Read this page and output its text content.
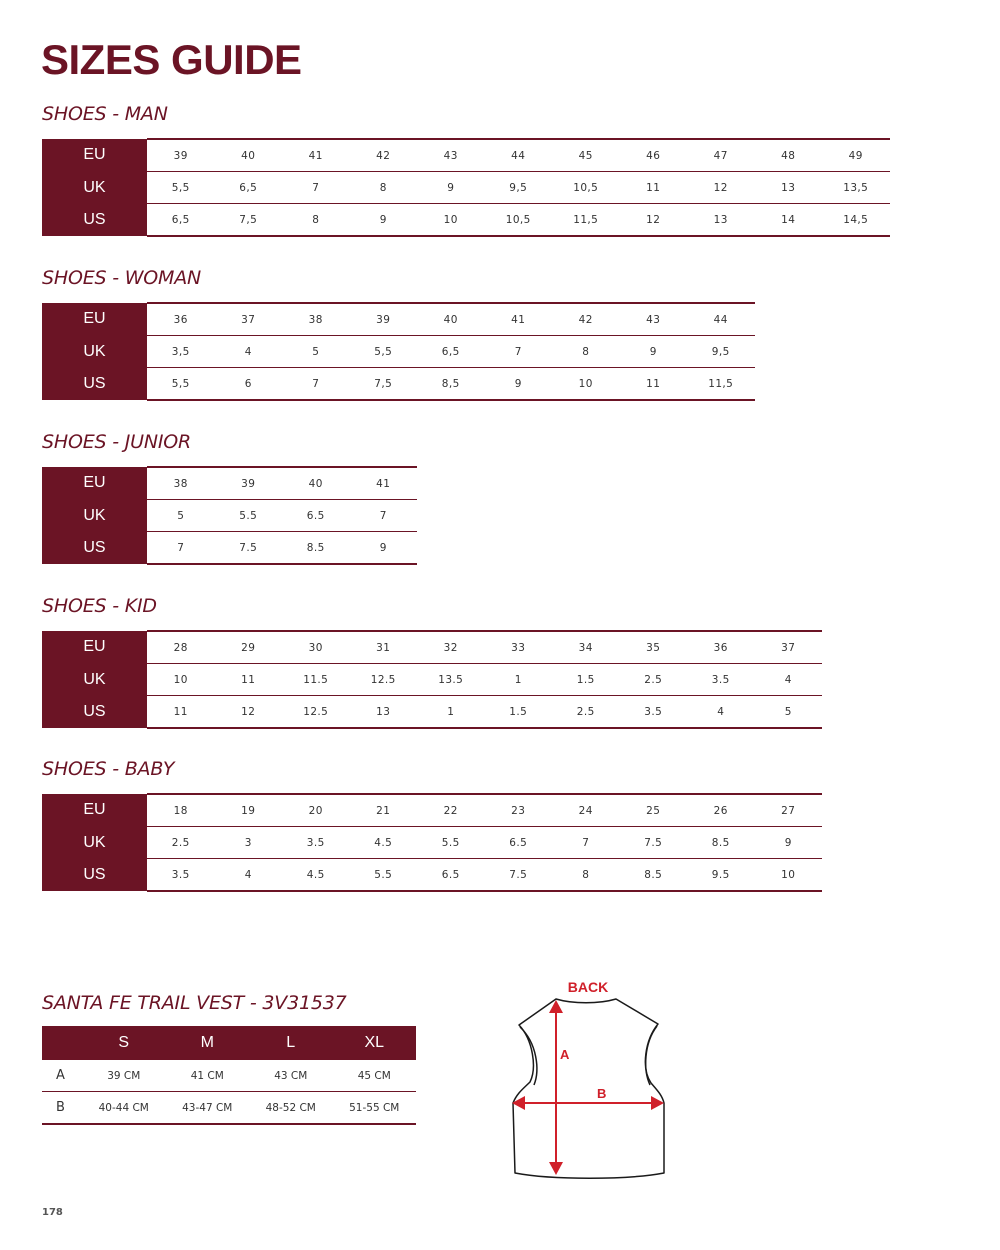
SIZES GUIDE
SHOES - MAN
EU	39	40	41	42	43	44	45	46	47	48	49
UK	5,5	6,5	7	8	9	9,5	10,5	11	12	13	13,5
US	6,5	7,5	8	9	10	10,5	11,5	12	13	14	14,5
SHOES - WOMAN
EU	36	37	38	39	40	41	42	43	44
UK	3,5	4	5	5,5	6,5	7	8	9	9,5
US	5,5	6	7	7,5	8,5	9	10	11	11,5
SHOES - JUNIOR
EU	38	39	40	41
UK	5	5.5	6.5	7
US	7	7.5	8.5	9
SHOES - KID
EU	28	29	30	31	32	33	34	35	36	37
UK	10	11	11.5	12.5	13.5	1	1.5	2.5	3.5	4
US	11	12	12.5	13	1	1.5	2.5	3.5	4	5
SHOES - BABY
EU	18	19	20	21	22	23	24	25	26	27
UK	2.5	3	3.5	4.5	5.5	6.5	7	7.5	8.5	9
US	3.5	4	4.5	5.5	6.5	7.5	8	8.5	9.5	10
SANTA FE TRAIL VEST - 3V31537
	S	M	L	XL
A	39 CM	41 CM	43 CM	45 CM
B	40-44 CM	43-47 CM	48-52 CM	51-55 CM
BACK
A
B
178
